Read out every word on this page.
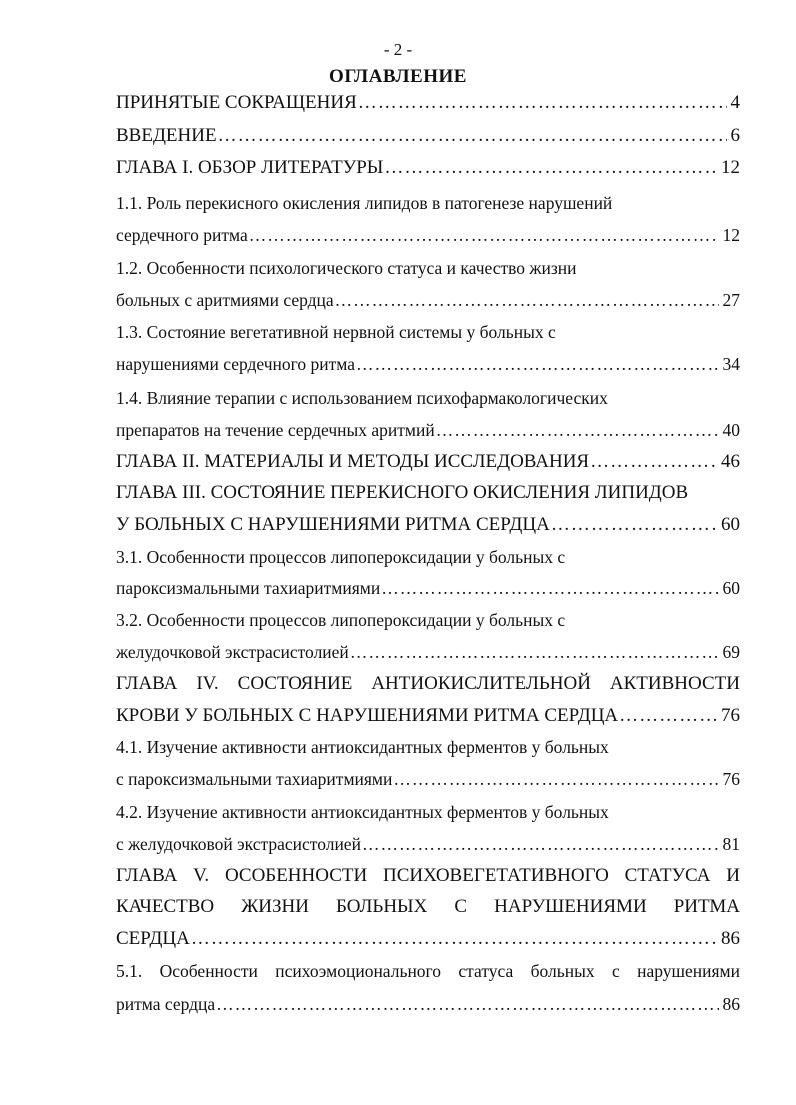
- 2 -
ОГЛАВЛЕНИЕ
ПРИНЯТЫЕ СОКРАЩЕНИЯ ………………………………………………………………………………………………………………………………………………………………………………………………	4
ВВЕДЕНИЕ ………………………………………………………………………………………………………………………………………………………………………………………………	6
ГЛАВА I. ОБЗОР ЛИТЕРАТУРЫ ………………………………………………………………………………………………………………………………………………………………………………………………	12
1.1. Роль перекисного окисления липидов в патогенезе нарушений
сердечного ритма ………………………………………………………………………………………………………………………………………………………………………………………………	12
1.2. Особенности психологического статуса и качество жизни
больных с аритмиями сердца ………………………………………………………………………………………………………………………………………………………………………………………………	27
1.3. Состояние вегетативной нервной системы у больных с
нарушениями сердечного ритма ………………………………………………………………………………………………………………………………………………………………………………………………	34
1.4. Влияние терапии с использованием психофармакологических
препаратов на течение сердечных аритмий ………………………………………………………………………………………………………………………………………………………………………………………………	40
ГЛАВА II. МАТЕРИАЛЫ И МЕТОДЫ ИССЛЕДОВАНИЯ ………………………………………………………………………………………………………………………………………………………………………………………………	46
ГЛАВА III. СОСТОЯНИЕ ПЕРЕКИСНОГО ОКИСЛЕНИЯ ЛИПИДОВ
У БОЛЬНЫХ С НАРУШЕНИЯМИ РИТМА СЕРДЦА ………………………………………………………………………………………………………………………………………………………………………………………………	60
3.1. Особенности процессов липопероксидации у больных с
пароксизмальными тахиаритмиями ………………………………………………………………………………………………………………………………………………………………………………………………	60
3.2. Особенности процессов липопероксидации у больных с
желудочковой экстрасистолией ………………………………………………………………………………………………………………………………………………………………………………………………	69
ГЛАВА IV. СОСТОЯНИЕ АНТИОКИСЛИТЕЛЬНОЙ АКТИВНОСТИ
КРОВИ У БОЛЬНЫХ С НАРУШЕНИЯМИ РИТМА СЕРДЦА ………………………………………………………………………………………………………………………………………………………………………………………………	76
4.1. Изучение активности антиоксидантных ферментов у больных
с пароксизмальными тахиаритмиями ………………………………………………………………………………………………………………………………………………………………………………………………	76
4.2. Изучение активности антиоксидантных ферментов у больных
с желудочковой экстрасистолией ………………………………………………………………………………………………………………………………………………………………………………………………	81
ГЛАВА V. ОСОБЕННОСТИ ПСИХОВЕГЕТАТИВНОГО СТАТУСА И
КАЧЕСТВО ЖИЗНИ БОЛЬНЫХ С НАРУШЕНИЯМИ РИТМА
СЕРДЦА ………………………………………………………………………………………………………………………………………………………………………………………………	86
5.1. Особенности психоэмоционального статуса больных с нарушениями
ритма сердца ………………………………………………………………………………………………………………………………………………………………………………………………	86
